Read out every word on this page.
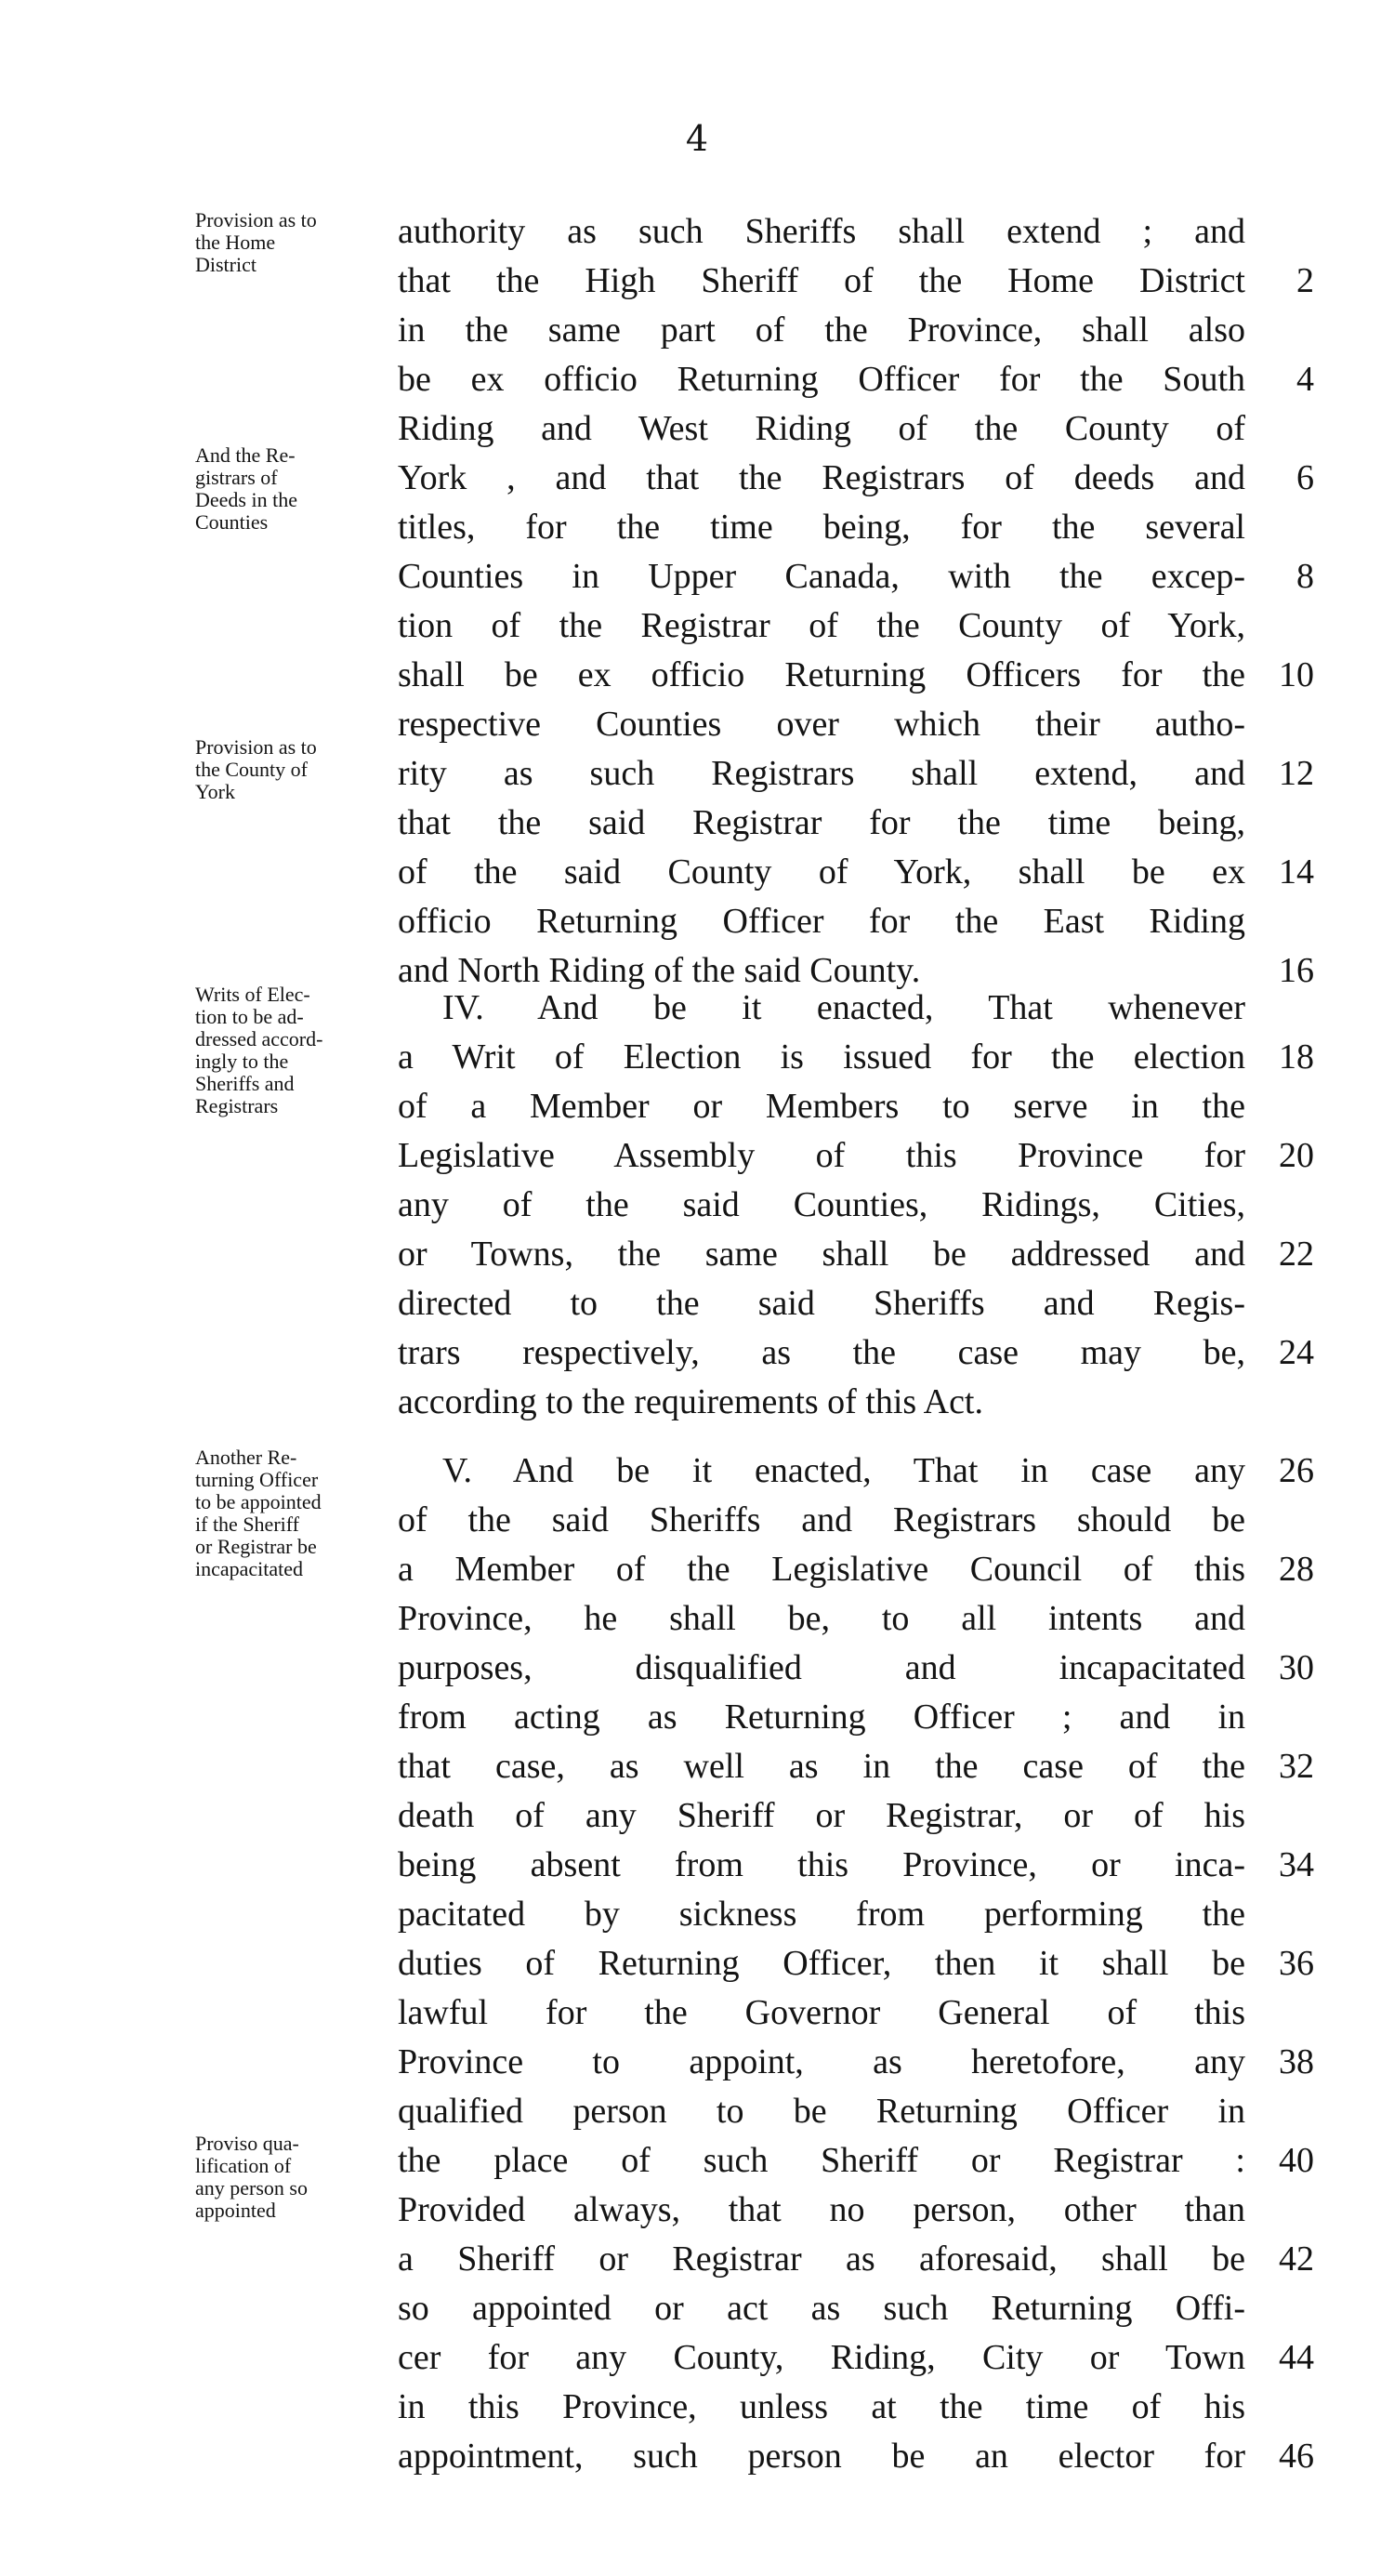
4
Provision as to
the Home
District
And the Re-
gistrars of
Deeds in the
Counties
Provision as to
the County of
York
Writs of Elec-
tion to be ad-
dressed accord-
ingly to the
Sheriffs and
Registrars
Another Re-
turning Officer
to be appointed
if the Sheriff
or Registrar be
incapacitated
Proviso qua-
lification of
any person so
appointed
authority as such Sheriffs shall extend ; and
that the High Sheriff of the Home District	2
in the same part of the Province, shall also
be ex officio Returning Officer for the South	4
Riding and West Riding of the County of
York , and that the Registrars of deeds and	6
titles, for the time being, for the several
Counties in Upper Canada, with the excep-	8
tion of the Registrar of the County of York,
shall be ex officio Returning Officers for the 10
respective Counties over which their autho-
rity as such Registrars shall extend, and 12
that the said Registrar for the time being,
of the said County of York, shall be ex 14
officio Returning Officer for the East Riding
and North Riding of the said County.	16
IV. And be it enacted, That whenever
a Writ of Election is issued for the election 18
of a Member or Members to serve in the
Legislative Assembly of this Province for 20
any of the said Counties, Ridings, Cities,
or Towns, the same shall be addressed and 22
directed to the said Sheriffs and Regis-
trars respectively, as the case may be, 24
according to the requirements of this Act.
V. And be it enacted, That in case any 26
of the said Sheriffs and Registrars should be
a Member of the Legislative Council of this 28
Province, he shall be, to all intents and
purposes, disqualified and incapacitated 30
from acting as Returning Officer ; and in
that case, as well as in the case of the 32
death of any Sheriff or Registrar, or of his
being absent from this Province, or inca- 34
pacitated by sickness from performing the
duties of Returning Officer, then it shall be 36
lawful for the Governor General of this
Province to appoint, as heretofore, any 38
qualified person to be Returning Officer in
the place of such Sheriff or Registrar : 40
Provided always, that no person, other than
a Sheriff or Registrar as aforesaid, shall be 42
so appointed or act as such Returning Offi-
cer for any County, Riding, City or Town 44
in this Province, unless at the time of his
appointment, such person be an elector for 46
